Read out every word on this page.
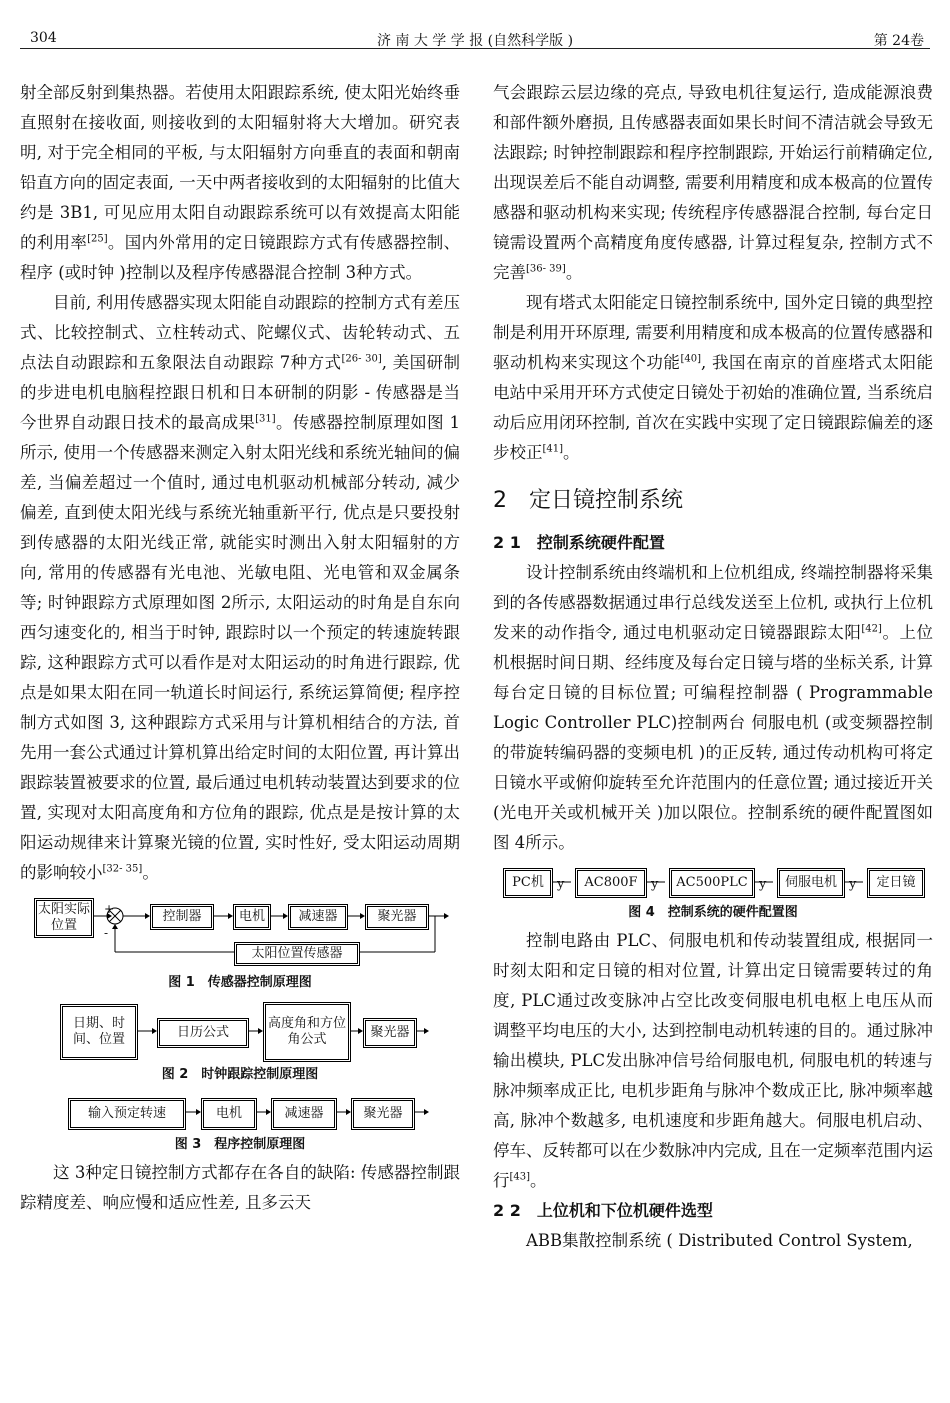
304	济 南 大 学 学 报 (自然科学版 )	第 24卷

射全部反射到集热器。若使用太阳跟踪系统, 使太阳光始终垂直照射在接收面, 则接收到的太阳辐射将大大增加。研究表明, 对于完全相同的平板, 与太阳辐射方向垂直的表面和朝南铅直方向的固定表面, 一天中两者接收到的太阳辐射的比值大约是 3B1, 可见应用太阳自动跟踪系统可以有效提高太阳能的利用率[25]。国内外常用的定日镜跟踪方式有传感器控制、程序 (或时钟 )控制以及程序传感器混合控制 3种方式。

目前, 利用传感器实现太阳能自动跟踪的控制方式有差压式、比较控制式、立柱转动式、陀螺仪式、齿轮转动式、五点法自动跟踪和五象限法自动跟踪 7种方式[26- 30], 美国研制的步进电机电脑程控跟日机和日本研制的阴影 - 传感器是当今世界自动跟日技术的最高成果[31]。传感器控制原理如图 1所示, 使用一个传感器来测定入射太阳光线和系统光轴间的偏差, 当偏差超过一个值时, 通过电机驱动机械部分转动, 减少偏差, 直到使太阳光线与系统光轴重新平行, 优点是只要投射到传感器的太阳光线正常, 就能实时测出入射太阳辐射的方向, 常用的传感器有光电池、光敏电阻、光电管和双金属条等; 时钟跟踪方式原理如图 2所示, 太阳运动的时角是自东向西匀速变化的, 相当于时钟, 跟踪时以一个预定的转速旋转跟踪, 这种跟踪方式可以看作是对太阳运动的时角进行跟踪, 优点是如果太阳在同一轨道长时间运行, 系统运算简便; 程序控制方式如图 3, 这种跟踪方式采用与计算机相结合的方法, 首先用一套公式通过计算机算出给定时间的太阳位置, 再计算出跟踪装置被要求的位置, 最后通过电机转动装置达到要求的位置, 实现对太阳高度角和方位角的跟踪, 优点是是按计算的太阳运动规律来计算聚光镜的位置, 实时性好, 受太阳运动周期的影响较小[32- 35]。

+
-
太阳实际位置
控制器	电机	减速器	聚光器
太阳位置传感器
图 1　传感器控制原理图
日期、时间、位置	日历公式
高度角和方位角公式	聚光器
图 2　时钟跟踪控制原理图
输入预定转速	电机	减速器	聚光器
图 3　程序控制原理图

这 3种定日镜控制方式都存在各自的缺陷: 传感器控制跟踪精度差、响应慢和适应性差, 且多云天

气会跟踪云层边缘的亮点, 导致电机往复运行, 造成能源浪费和部件额外磨损, 且传感器表面如果长时间不清洁就会导致无法跟踪; 时钟控制跟踪和程序控制跟踪, 开始运行前精确定位, 出现误差后不能自动调整, 需要利用精度和成本极高的位置传感器和驱动机构来实现; 传统程序传感器混合控制, 每台定日镜需设置两个高精度角度传感器, 计算过程复杂, 控制方式不完善[36- 39]。

现有塔式太阳能定日镜控制系统中, 国外定日镜的典型控制是利用开环原理, 需要利用精度和成本极高的位置传感器和驱动机构来实现这个功能[40], 我国在南京的首座塔式太阳能电站中采用开环方式使定日镜处于初始的准确位置, 当系统启动后应用闭环控制, 首次在实践中实现了定日镜跟踪偏差的逐步校正[41]。

2　定日镜控制系统
2 1　控制系统硬件配置

设计控制系统由终端机和上位机组成, 终端控制器将采集到的各传感器数据通过串行总线发送至上位机, 或执行上位机发来的动作指令, 通过电机驱动定日镜器跟踪太阳[42]。上位机根据时间日期、经纬度及每台定日镜与塔的坐标关系, 计算每台定日镜的目标位置; 可编程控制器 ( Programmable Logic Controller PLC)控制两台 伺服电机 (或变频器控制的带旋转编码器的变频电机 )的正反转, 通过传动机构可将定日镜水平或俯仰旋转至允许范围内的任意位置; 通过接近开关 (光电开关或机械开关 )加以限位。控制系统的硬件配置图如图 4所示。

PC机	y	AC800F	y	AC500PLC y	伺服电机 y	定日镜
图 4　控制系统的硬件配置图

控制电路由 PLC、伺服电机和传动装置组成, 根据同一时刻太阳和定日镜的相对位置, 计算出定日镜需要转过的角度, PLC通过改变脉冲占空比改变伺服电机电枢上电压从而调整平均电压的大小, 达到控制电动机转速的目的。通过脉冲输出模块, PLC发出脉冲信号给伺服电机, 伺服电机的转速与脉冲频率成正比, 电机步距角与脉冲个数成正比, 脉冲频率越高, 脉冲个数越多, 电机速度和步距角越大。伺服电机启动、停车、反转都可以在少数脉冲内完成, 且在一定频率范围内运行[43]。

2 2　上位机和下位机硬件选型

ABB集散控制系统 ( Distributed Control System,
